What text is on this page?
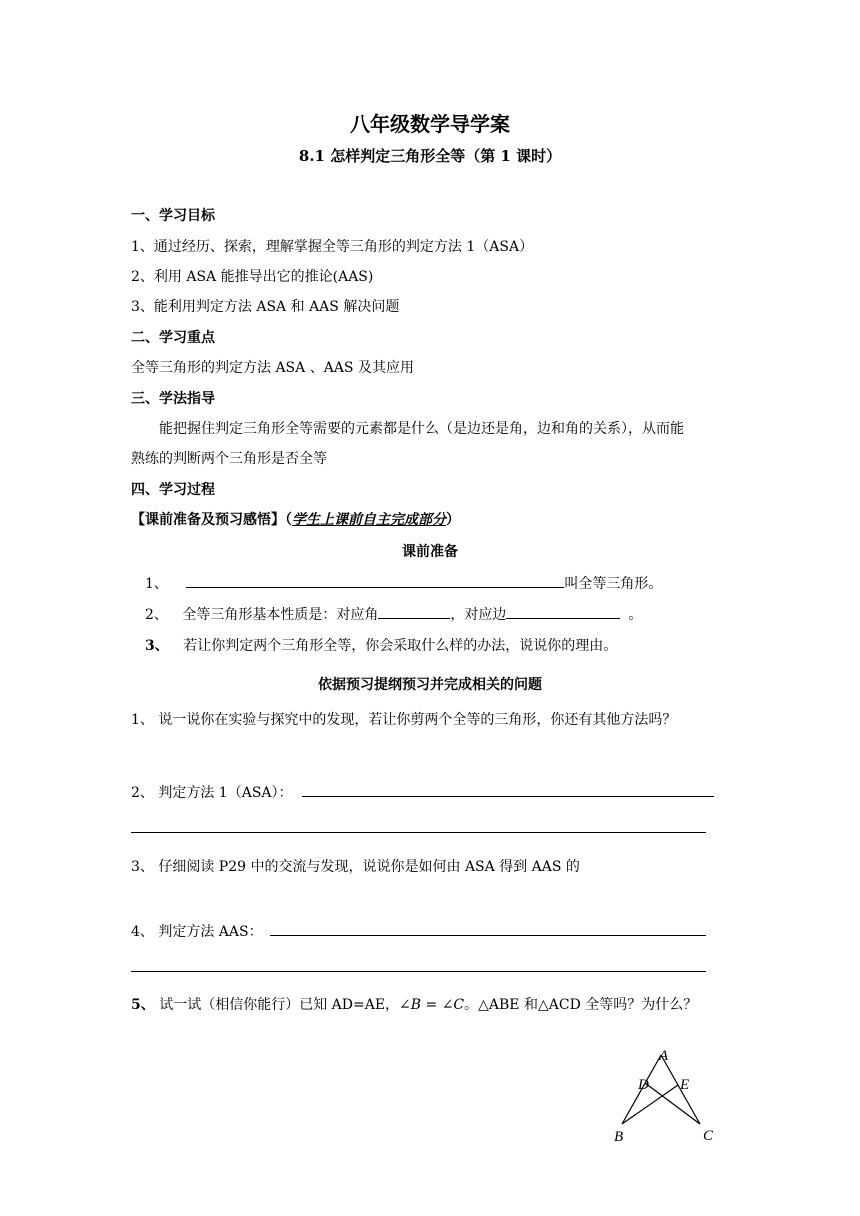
八年级数学导学案
8.1 怎样判定三角形全等（第 1 课时）
一、学习目标
1、通过经历、探索，理解掌握全等三角形的判定方法 1（ASA）
2、利用 ASA 能推导出它的推论(AAS)
3、能利用判定方法 ASA 和 AAS 解决问题
二、学习重点
全等三角形的判定方法 ASA 、AAS 及其应用
三、学法指导
能把握住判定三角形全等需要的元素都是什么（是边还是角，边和角的关系），从而能
熟练的判断两个三角形是否全等
四、学习过程
【课前准备及预习感悟】（学生上课前自主完成部分）
课前准备
1、	叫全等三角形。
2、 全等三角形基本性质是：对应角	，对应边	。
3、 若让你判定两个三角形全等，你会采取什么样的办法，说说你的理由。
依据预习提纲预习并完成相关的问题
1、 说一说你在实验与探究中的发现，若让你剪两个全等的三角形，你还有其他方法吗？
2、 判定方法 1（ASA）：
3、 仔细阅读 P29 中的交流与发现，说说你是如何由 ASA 得到 AAS 的
4、 判定方法 AAS：
5、 试一试（相信你能行）已知 AD=AE，∠B = ∠C。△ABE 和△ACD 全等吗？为什么？
A
D E
B	C
